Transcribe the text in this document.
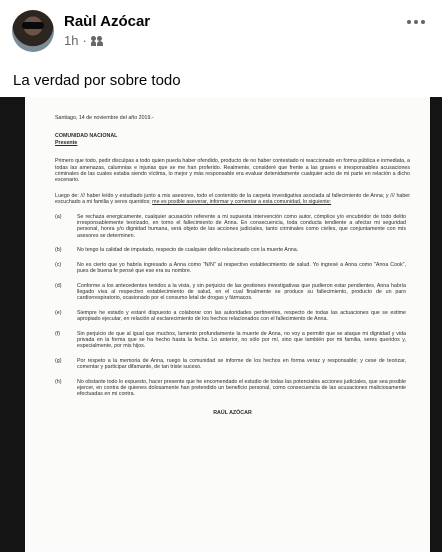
Raùl Azócar
1h ·
La verdad por sobre todo
Santiago, 14 de noviembre del año 2019.-
COMUNIDAD NACIONAL
Presente

Primero que todo, pedir disculpas a todo quien pueda haber ofendido, producto de no haber contestado ni reaccionado en forma pública e inmediata, a todas las amenazas, calumnias e injurias que se me han proferido. Realmente, consideré que frente a las graves e irresponsables acusaciones criminales de las cuales estaba siendo víctima, lo mejor y más responsable era evaluar detenidamente cualquier acto de mi parte en relación a dicho escenario.

Luego de: /// haber leído y estudiado junto a mis asesores, todo el contenido de la carpeta investigativa asociada al fallecimiento de Anna; y /// haber escuchado a mi familia y seres queridos; me es posible aseverar, informar y comentar a esta comunidad, lo siguiente:

(a)	Se rechaza energicamente, cualquier acusación referente a mi supuesta intervención como autor, cómplice y/o encubridor de todo delito irresponsablemente teorizado, en torno el fallecimiento de Anna. En consecuencia, toda conducta tendiente a afectar mi seguridad personal, honra y/o dignidad humana, será objeto de las acciones judiciales, tanto criminales como civiles, que conjuntamente con mis asesores se determinen.
(b)	No tengo la calidad de imputado, respecto de cualquier delito relacionado con la muerte Anna.
(c)	No es cierto que yo habría ingresado a Anna como "N/N" al respectivo establecimiento de salud. Yo ingresé a Anna como "Anna Cook", pues de buena fe pensé que ese era su nombre.
(d)	Conforme a los antecedentes tenidos a la vista, y sin perjuicio de las gestiones investigativas que pudieron estar pendientes, Anna habría llegado viva al respectivo establecimiento de salud, en el cual finalmente se produce su fallecimiento, producto de un paro cardiorrespiratorio, ocasionado por el consumo letal de drogas y fármacos.
(e)	Siempre he estado y estaré dispuesto a colaborar con las autoridades pertinentes, respecto de todas las actuaciones que se estime apropiado ejecutar, en relación al esclarecimiento de los hechos relacionados con el fallecimiento de Anna.
(f)	Sin perjuicio de que al igual que muchos, lamento profundamente la muerte de Anna, no voy a permitir que se ataque mi dignidad y vida privada en la forma que se ha hecho hasta la fecha. Lo anterior, no sólo por mí, sino que también por mi familia, seres queridos y, especialmente, por mis hijos.
(g)	Por respeto a la memoria de Anna, ruego la comunidad se informe de los hechos en forma veraz y responsable; y cese de teorizar, comentar y participar difamante, de tan triste suceso.
(h)	No obstante todo lo expuesto, hacer presente que he encomendado el estudio de todas las potenciales acciones judiciales, que sea posible ejercer, en contra de quienes dolosamente han pretendido un beneficio personal, como consecuencia de las acusaciones maliciosamente efectuadas en mi contra.
RAÚL AZÓCAR
